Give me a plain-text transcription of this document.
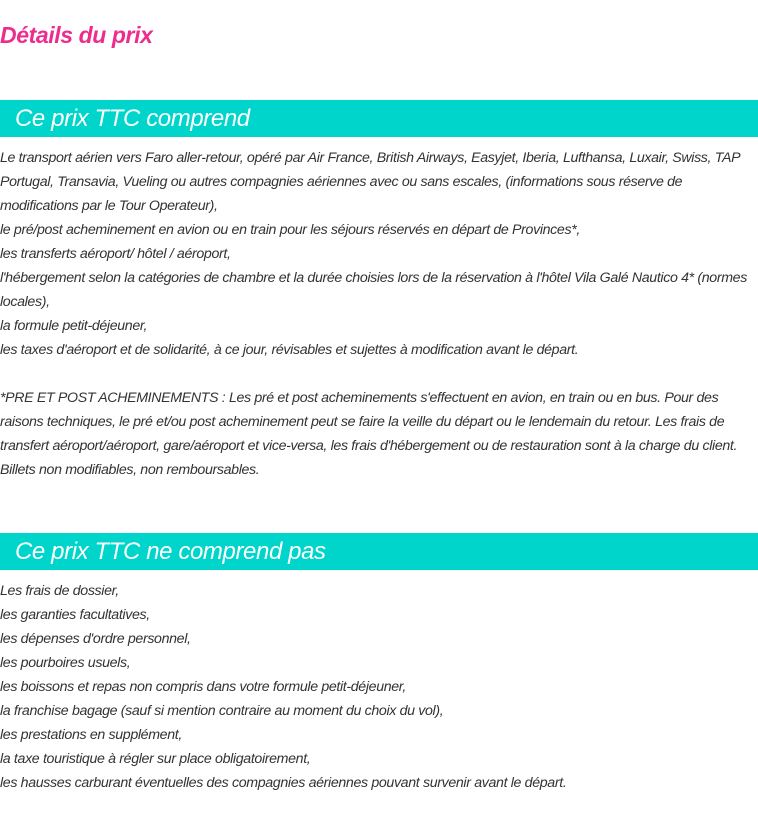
Détails du prix
Ce prix TTC comprend

Le transport aérien vers Faro aller-retour, opéré par Air France, British Airways, Easyjet, Iberia, Lufthansa, Luxair, Swiss, TAP Portugal, Transavia, Vueling ou autres compagnies aériennes avec ou sans escales, (informations sous réserve de modifications par le Tour Operateur),

le pré/post acheminement en avion ou en train pour les séjours réservés en départ de Provinces*,

les transferts aéroport/ hôtel / aéroport,

l'hébergement selon la catégories de chambre et la durée choisies lors de la réservation à l'hôtel Vila Galé Nautico 4* (normes locales),

la formule petit-déjeuner,

les taxes d'aéroport et de solidarité, à ce jour, révisables et sujettes à modification avant le départ.

*PRE ET POST ACHEMINEMENTS : Les pré et post acheminements s'effectuent en avion, en train ou en bus. Pour des raisons techniques, le pré et/ou post acheminement peut se faire la veille du départ ou le lendemain du retour. Les frais de transfert aéroport/aéroport, gare/aéroport et vice-versa, les frais d'hébergement ou de restauration sont à la charge du client. Billets non modifiables, non remboursables.

Ce prix TTC ne comprend pas

Les frais de dossier,

les garanties facultatives,

les dépenses d'ordre personnel,

les pourboires usuels,

les boissons et repas non compris dans votre formule petit-déjeuner,

la franchise bagage (sauf si mention contraire au moment du choix du vol),

les prestations en supplément,

la taxe touristique à régler sur place obligatoirement,

les hausses carburant éventuelles des compagnies aériennes pouvant survenir avant le départ.
